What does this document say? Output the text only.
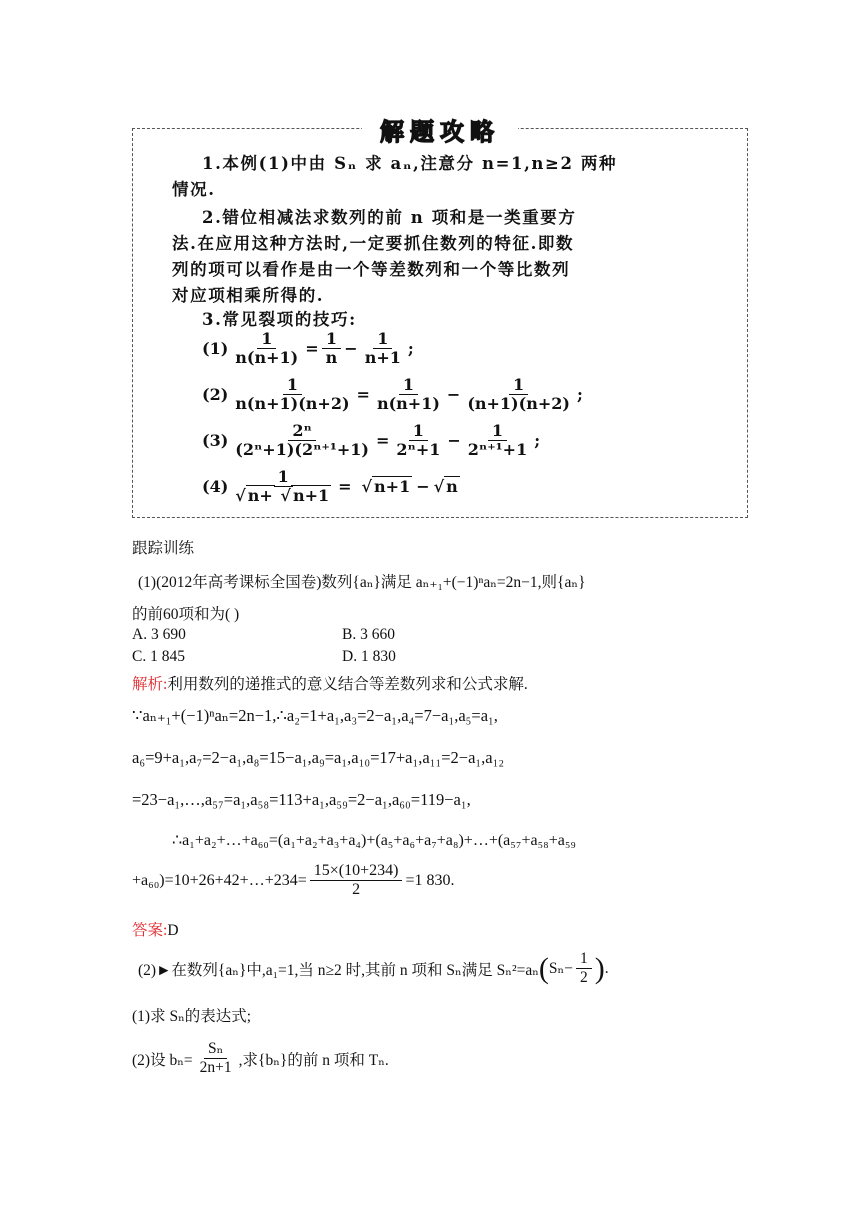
解题攻略
1.本例(1)中由 Sₙ 求 aₙ,注意分 n=1,n≥2 两种
情况.
2.错位相减法求数列的前 n 项和是一类重要方
法.在应用这种方法时,一定要抓住数列的特征.即数
列的项可以看作是由一个等差数列和一个等比数列
对应项相乘所得的.
3.常见裂项的技巧:
$(1) \frac{1}{n(n+1)} = \frac{1}{n} - \frac{1}{n+1}$ ;
$(2) \frac{1}{n(n+1)(n+2)} = \frac{1}{n(n+1)} - \frac{1}{(n+1)(n+2)}$ ;
$(3) \frac{\text{2ⁿ}}{\text{(2ⁿ+1)(2ⁿ⁺¹+1)}} = \frac{1}{\text{2ⁿ+1}} - \frac{1}{\text{2ⁿ⁺¹+1}}$ ;
$(4) \frac{1}{√ n+ √ n+1}$ = √ n+1 − √ n
跟踪训练
(1)(2012年高考课标全国卷)数列{aₙ}满足 aₙ₊₁+(−1)ⁿaₙ=2n−1,则{aₙ}
的前60项和为( )
A. 3 690	B. 3 660
C. 1 845	D. 1 830
解析:利用数列的递推式的意义结合等差数列求和公式求解.
∵aₙ₊₁+(−1)ⁿaₙ=2n−1,∴a₂=1+a₁,a₃=2−a₁,a₄=7−a₁,a₅=a₁,
a₆=9+a₁,a₇=2−a₁,a₈=15−a₁,a₉=a₁,a₁₀=17+a₁,a₁₁=2−a₁,a₁₂
=23−a₁,…,a₅₇=a₁,a₅₈=113+a₁,a₅₉=2−a₁,a₆₀=119−a₁,
∴a₁+a₂+…+a₆₀=(a₁+a₂+a₃+a₄)+(a₅+a₆+a₇+a₈)+…+(a₅₇+a₅₈+a₅₉
+a₆₀)=10+26+42+…+234= $\frac{15\times(10+234)}{2} =1$ 830.
答案:D
(2)►在数列{aₙ}中,a₁=1,当 n≥2 时,其前 n 项和 Sₙ满足 Sₙ²=aₙ ( $S_n- \frac{1}{2}$ ) .
(1)求 Sₙ的表达式;
(2)设 $b_n= \frac{\text{Sₙ}}{2n+1}$ ,求{bₙ}的前 n 项和 Tₙ.
